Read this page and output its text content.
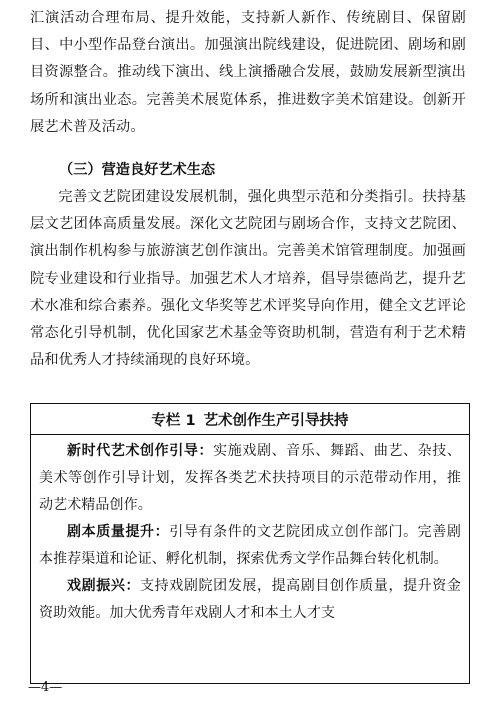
汇演活动合理布局、提升效能，支持新人新作、传统剧目、保留剧目、中小型作品登台演出。加强演出院线建设，促进院团、剧场和剧目资源整合。推动线下演出、线上演播融合发展，鼓励发展新型演出场所和演出业态。完善美术展览体系，推进数字美术馆建设。创新开展艺术普及活动。

（三）营造良好艺术生态

完善文艺院团建设发展机制，强化典型示范和分类指引。扶持基层文艺团体高质量发展。深化文艺院团与剧场合作，支持文艺院团、演出制作机构参与旅游演艺创作演出。完善美术馆管理制度。加强画院专业建设和行业指导。加强艺术人才培养，倡导崇德尚艺，提升艺术水准和综合素养。强化文华奖等艺术评奖导向作用，健全文艺评论常态化引导机制，优化国家艺术基金等资助机制，营造有利于艺术精品和优秀人才持续涌现的良好环境。

专栏 1 艺术创作生产引导扶持

新时代艺术创作引导：实施戏剧、音乐、舞蹈、曲艺、杂技、美术等创作引导计划，发挥各类艺术扶持项目的示范带动作用，推动艺术精品创作。

剧本质量提升：引导有条件的文艺院团成立创作部门。完善剧本推荐渠道和论证、孵化机制，探索优秀文学作品舞台转化机制。

戏剧振兴：支持戏剧院团发展，提高剧目创作质量，提升资金资助效能。加大优秀青年戏剧人才和本土人才支

—4—
